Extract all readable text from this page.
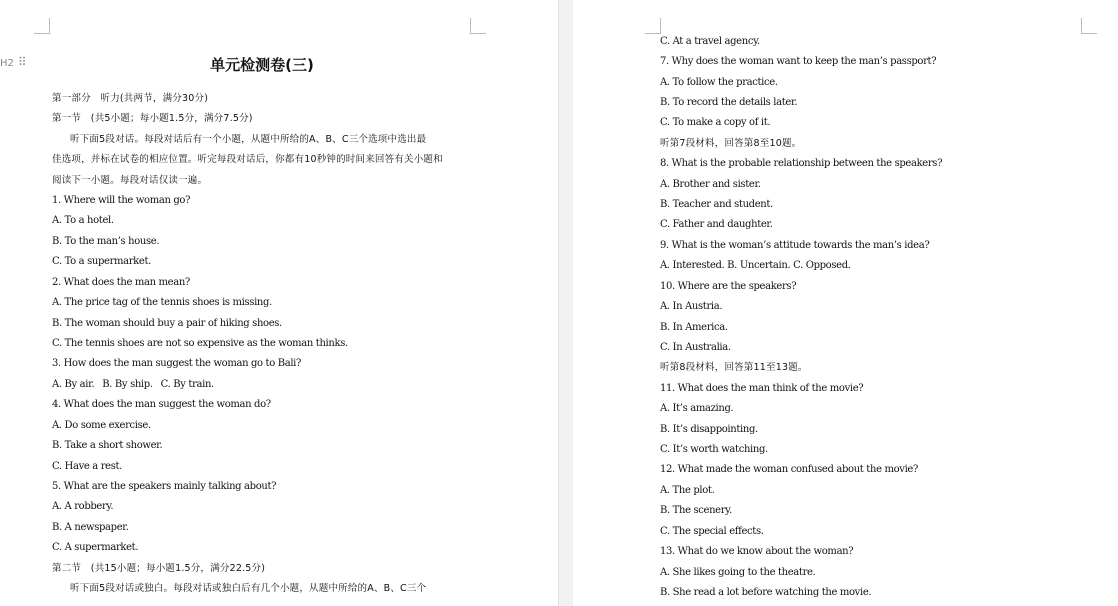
H2 ⠿	单元检测卷(三)
第一部分　听力(共两节，满分30分)
第一节　(共5小题；每小题1.5分，满分7.5分)
听下面5段对话。每段对话后有一个小题，从题中所给的A、B、C三个选项中选出最
佳选项，并标在试卷的相应位置。听完每段对话后，你都有10秒钟的时间来回答有关小题和
阅读下一小题。每段对话仅读一遍。
1. Where will the woman go?
A. To a hotel.
B. To the man’s house.
C. To a supermarket.
2. What does the man mean?
A. The price tag of the tennis shoes is missing.
B. The woman should buy a pair of hiking shoes.
C. The tennis shoes are not so expensive as the woman thinks.
3. How does the man suggest the woman go to Bali?
A. By air. B. By ship. C. By train.
4. What does the man suggest the woman do?
A. Do some exercise.
B. Take a short shower.
C. Have a rest.
5. What are the speakers mainly talking about?
A. A robbery.
B. A newspaper.
C. A supermarket.
第二节　(共15小题；每小题1.5分，满分22.5分)
听下面5段对话或独白。每段对话或独白后有几个小题，从题中所给的A、B、C三个
C. At a travel agency.
7. Why does the woman want to keep the man’s passport?
A. To follow the practice.
B. To record the details later.
C. To make a copy of it.
听第7段材料，回答第8至10题。
8. What is the probable relationship between the speakers?
A. Brother and sister.
B. Teacher and student.
C. Father and daughter.
9. What is the woman’s attitude towards the man’s idea?
A. Interested. B. Uncertain. C. Opposed.
10. Where are the speakers?
A. In Austria.
B. In America.
C. In Australia.
听第8段材料，回答第11至13题。
11. What does the man think of the movie?
A. It’s amazing.
B. It’s disappointing.
C. It’s worth watching.
12. What made the woman confused about the movie?
A. The plot.
B. The scenery.
C. The special effects.
13. What do we know about the woman?
A. She likes going to the theatre.
B. She read a lot before watching the movie.
